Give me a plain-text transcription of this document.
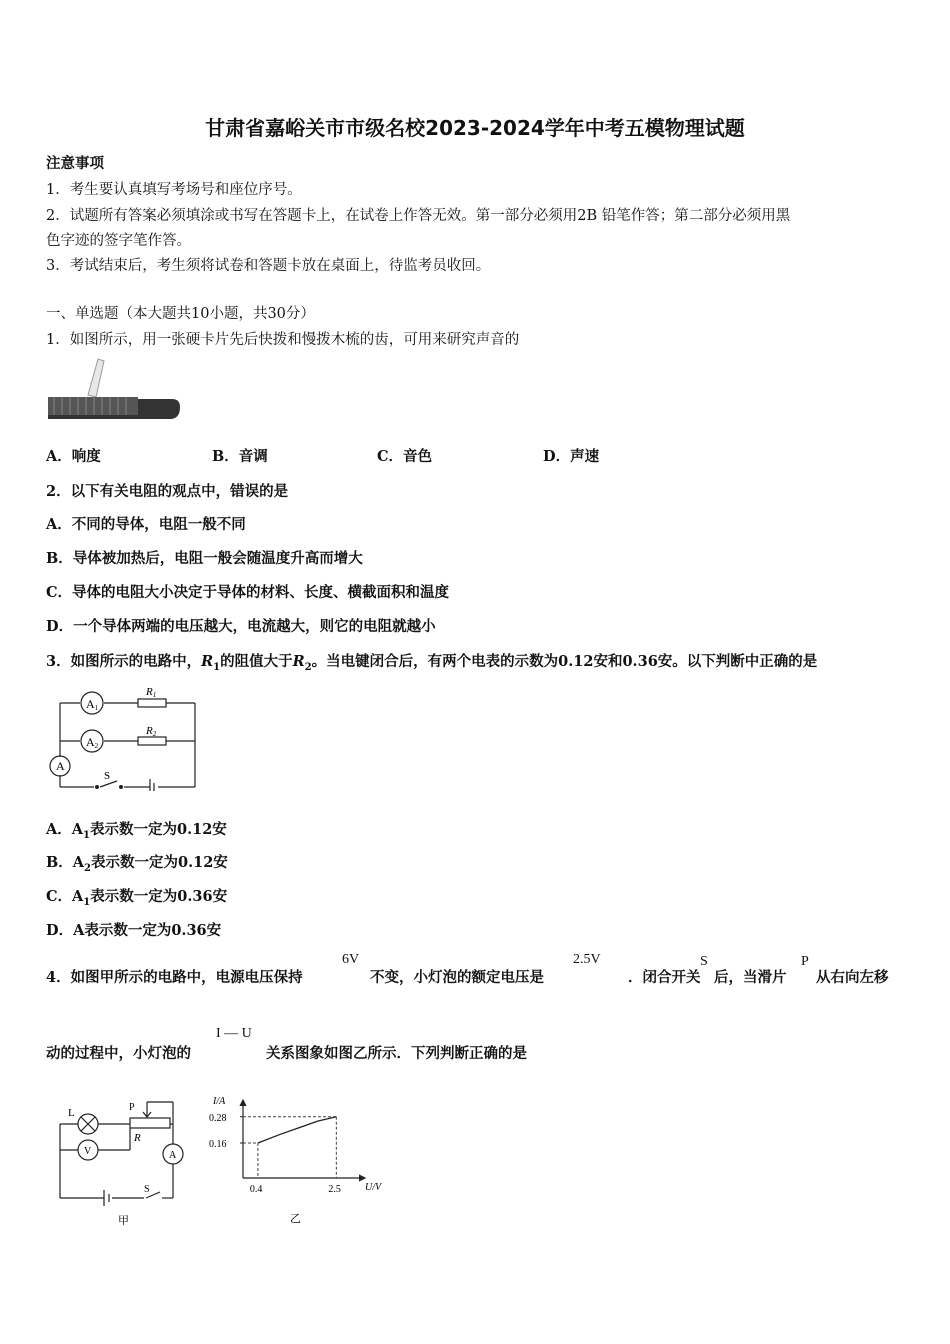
甘肃省嘉峪关市市级名校2023-2024学年中考五模物理试题
注意事项
1．考生要认真填写考场号和座位序号。
2．试题所有答案必须填涂或书写在答题卡上，在试卷上作答无效。第一部分必须用2B 铅笔作答；第二部分必须用黑
色字迹的签字笔作答。
3．考试结束后，考生须将试卷和答题卡放在桌面上，待监考员收回。
一、单选题（本大题共10小题，共30分）
1．如图所示，用一张硬卡片先后快拨和慢拨木梳的齿，可用来研究声音的
A．响度	B．音调	C．音色	D．声速
2．以下有关电阻的观点中，错误的是
A．不同的导体，电阻一般不同
B．导体被加热后，电阻一般会随温度升高而增大
C．导体的电阻大小决定于导体的材料、长度、横截面积和温度
D．一个导体两端的电压越大，电流越大，则它的电阻就越小
3．如图所示的电路中，$R_1$的阻值大于$R_2$。当电键闭合后，有两个电表的示数为0.12安和0.36安。以下判断中正确的是
A1
A2
A
R1
R2
S
A．$A_1$表示数一定为0.12安
B．$A_2$表示数一定为0.12安
C．$A_1$表示数一定为0.36安
D．A表示数一定为0.36安
4．如图甲所示的电路中，电源电压保持
6V
不变，小灯泡的额定电压是
2.5V
．闭合开关
S
后，当滑片
P
从右向左移
动的过程中，小灯泡的
I — U
关系图象如图乙所示．下列判断正确的是
L	P
R
V	A
S
甲
I/A
U/V
0.16
0.28
0.4	2.5
乙
